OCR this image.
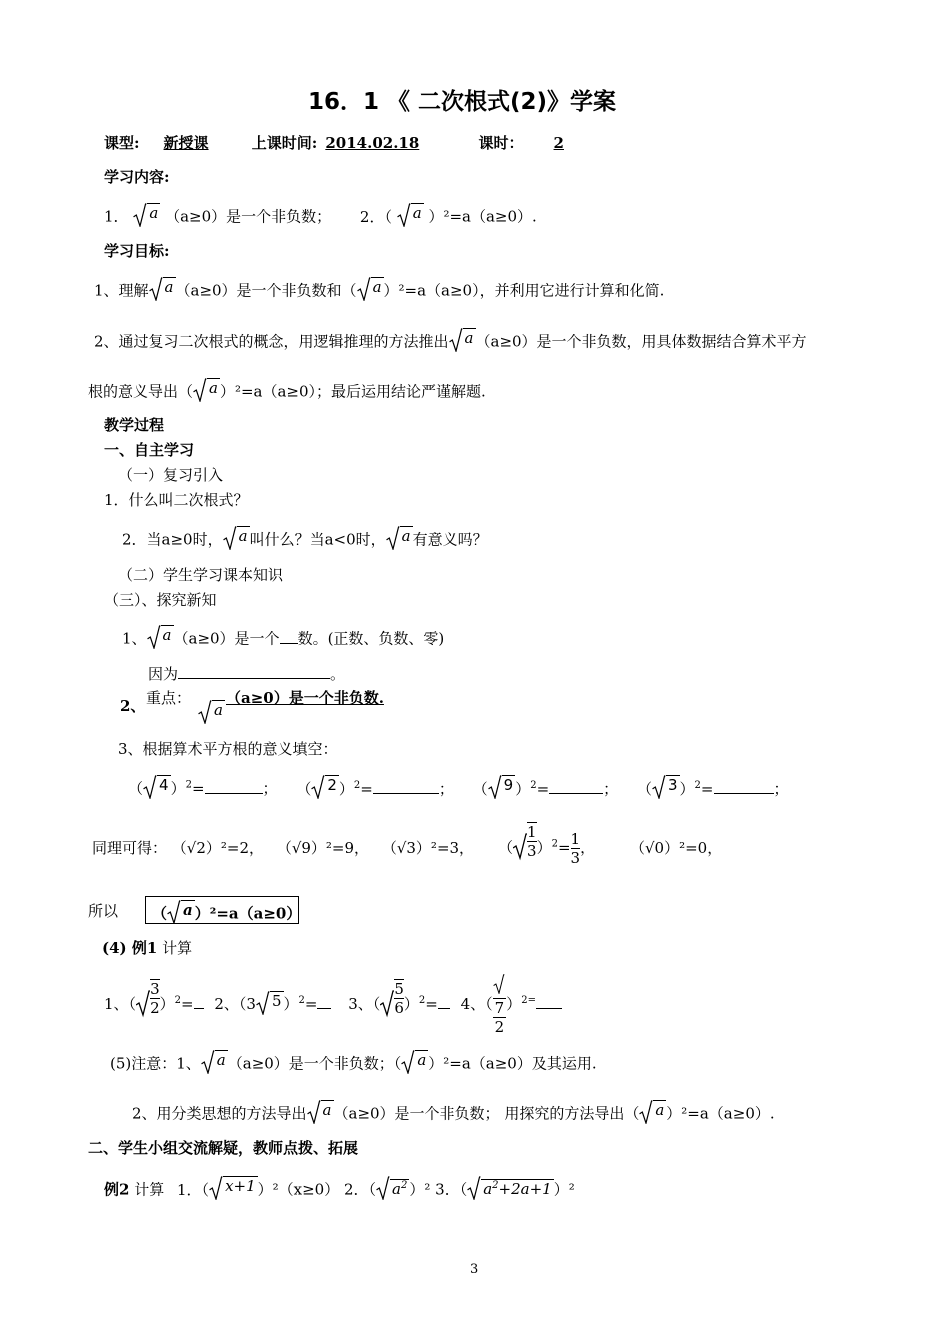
16．1 《 二次根式(2)》学案
课型: 新授课	上课时间: 2014.02.18	课时： 2
学习内容:
1． a （a≥0）是一个非负数； 2．（ a ）²=a（a≥0）.
学习目标:
1、理解 a （a≥0）是一个非负数和（ a ）²=a（a≥0），并利用它进行计算和化简.
2、通过复习二次根式的概念，用逻辑推理的方法推出 a （a≥0）是一个非负数，用具体数据结合算术平方
根的意义导出（ a ）²=a（a≥0）；最后运用结论严谨解题.
教学过程
一、自主学习
（一）复习引入
1．什么叫二次根式？
2．当a≥0时， a 叫什么？当a<0时， a 有意义吗？
（二）学生学习课本知识
（三）、探究新知
1、 a （a≥0）是一个 数。(正数、负数、零)
因为	。
2、 重点：
a
（a≥0）是一个非负数.
3、根据算术平方根的意义填空：
（ 4 ）$^2$=	； （ 2 ）$^2$=	； （ 9 ）$^2$=	； （ 3 ）$^2$=	；
同理可得： （√2）²=2， （√9）²=9， （√3）²=3， （ $\frac{1}{3} )^2= \frac{1}{3}$ ， （√0）²=0，
所以 （ a ）²=a（a≥0）
(4) 例1 计算
1、（ $\frac{3}{2} )^2= 2$、（3 5 ）$^2$= 3、（ $\frac{5}{6} )^2= 4$、（ $\frac{7}{2} )^{2=}$
(5)注意：1、 a （a≥0）是一个非负数；（ a ）²=a（a≥0）及其运用.
2、用分类思想的方法导出 a （a≥0）是一个非负数； 用探究的方法导出（ a ）²=a（a≥0）.
二、学生小组交流解疑，教师点拨、拓展
例2 计算 1．（ x+1 ）²（x≥0） 2．（ $a^2$ ）² 3．（ $a^2+2a+1$ ）²
3
